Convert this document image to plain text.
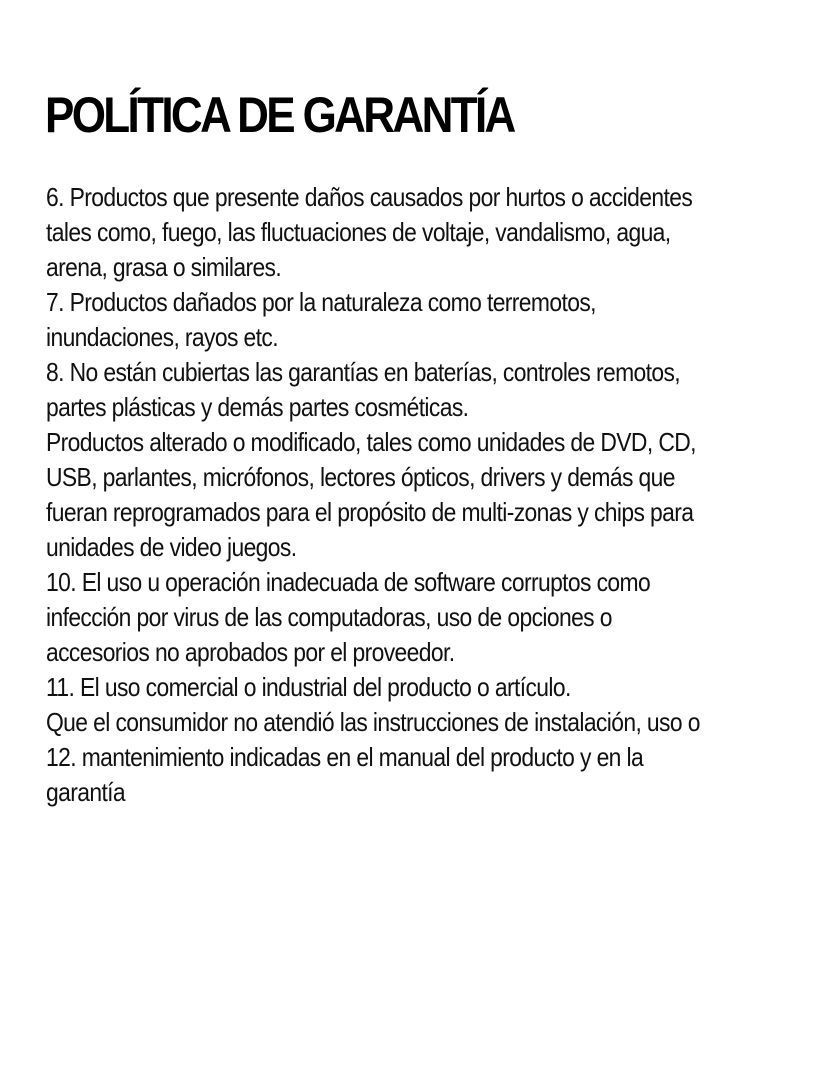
POLÍTICA DE GARANTÍA
6. Productos que presente daños causados por hurtos o accidentes
tales como, fuego, las fluctuaciones de voltaje, vandalismo, agua,
arena, grasa o similares.
7. Productos dañados por la naturaleza como terremotos,
inundaciones, rayos etc.
8. No están cubiertas las garantías en baterías, controles remotos,
partes plásticas y demás partes cosméticas.
Productos alterado o modificado, tales como unidades de DVD, CD,
USB, parlantes, micrófonos, lectores ópticos, drivers y demás que
fueran reprogramados para el propósito de multi-zonas y chips para
unidades de video juegos.
10. El uso u operación inadecuada de software corruptos como
infección por virus de las computadoras, uso de opciones o
accesorios no aprobados por el proveedor.
11. El uso comercial o industrial del producto o artículo.
Que el consumidor no atendió las instrucciones de instalación, uso o
12. mantenimiento indicadas en el manual del producto y en la
garantía
